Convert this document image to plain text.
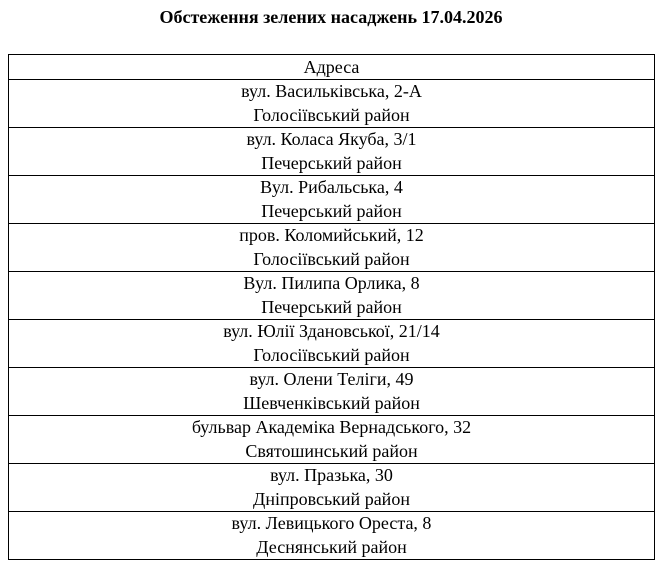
Обстеження зелених насаджень 17.04.2026
Адреса

вул. Васильківська, 2-А
Голосіївський район

вул. Коласа Якуба, 3/1
Печерський район

Вул. Рибальська, 4
Печерський район

пров. Коломийський, 12
Голосіївський район

Вул. Пилипа Орлика, 8
Печерський район

вул. Юлії Здановської, 21/14
Голосіївський район

вул. Олени Теліги, 49
Шевченківський район

бульвар Академіка Вернадського, 32
Святошинський район

вул. Празька, 30
Дніпровський район

вул. Левицького Ореста, 8
Деснянський район
